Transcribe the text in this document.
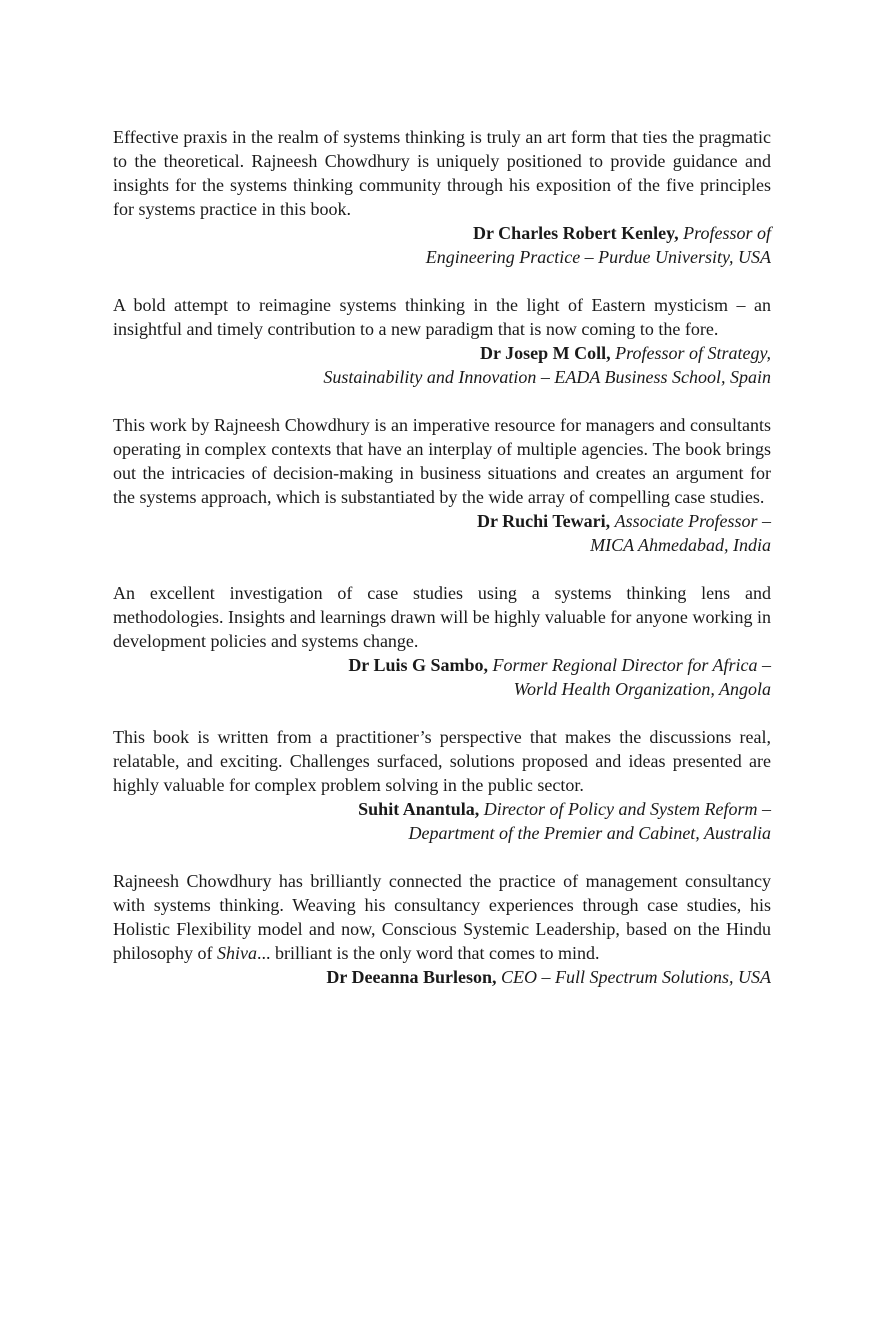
Effective praxis in the realm of systems thinking is truly an art form that ties the pragmatic to the theoretical. Rajneesh Chowdhury is uniquely positioned to provide guidance and insights for the systems thinking community through his exposition of the five principles for systems practice in this book.

Dr Charles Robert Kenley, Professor of
Engineering Practice – Purdue University, USA

A bold attempt to reimagine systems thinking in the light of Eastern mysticism – an insightful and timely contribution to a new paradigm that is now coming to the fore.

Dr Josep M Coll, Professor of Strategy,
Sustainability and Innovation – EADA Business School, Spain

This work by Rajneesh Chowdhury is an imperative resource for managers and consultants operating in complex contexts that have an interplay of multiple agencies. The book brings out the intricacies of decision-making in business situations and creates an argument for the systems approach, which is substantiated by the wide array of compelling case studies.

Dr Ruchi Tewari, Associate Professor –
MICA Ahmedabad, India

An excellent investigation of case studies using a systems thinking lens and methodologies. Insights and learnings drawn will be highly valuable for anyone working in development policies and systems change.

Dr Luis G Sambo, Former Regional Director for Africa –
World Health Organization, Angola

This book is written from a practitioner’s perspective that makes the discussions real, relatable, and exciting. Challenges surfaced, solutions proposed and ideas presented are highly valuable for complex problem solving in the public sector.

Suhit Anantula, Director of Policy and System Reform –
Department of the Premier and Cabinet, Australia

Rajneesh Chowdhury has brilliantly connected the practice of management consultancy with systems thinking. Weaving his consultancy experiences through case studies, his Holistic Flexibility model and now, Conscious Systemic Leadership, based on the Hindu philosophy of Shiva... brilliant is the only word that comes to mind.

Dr Deeanna Burleson, CEO – Full Spectrum Solutions, USA
